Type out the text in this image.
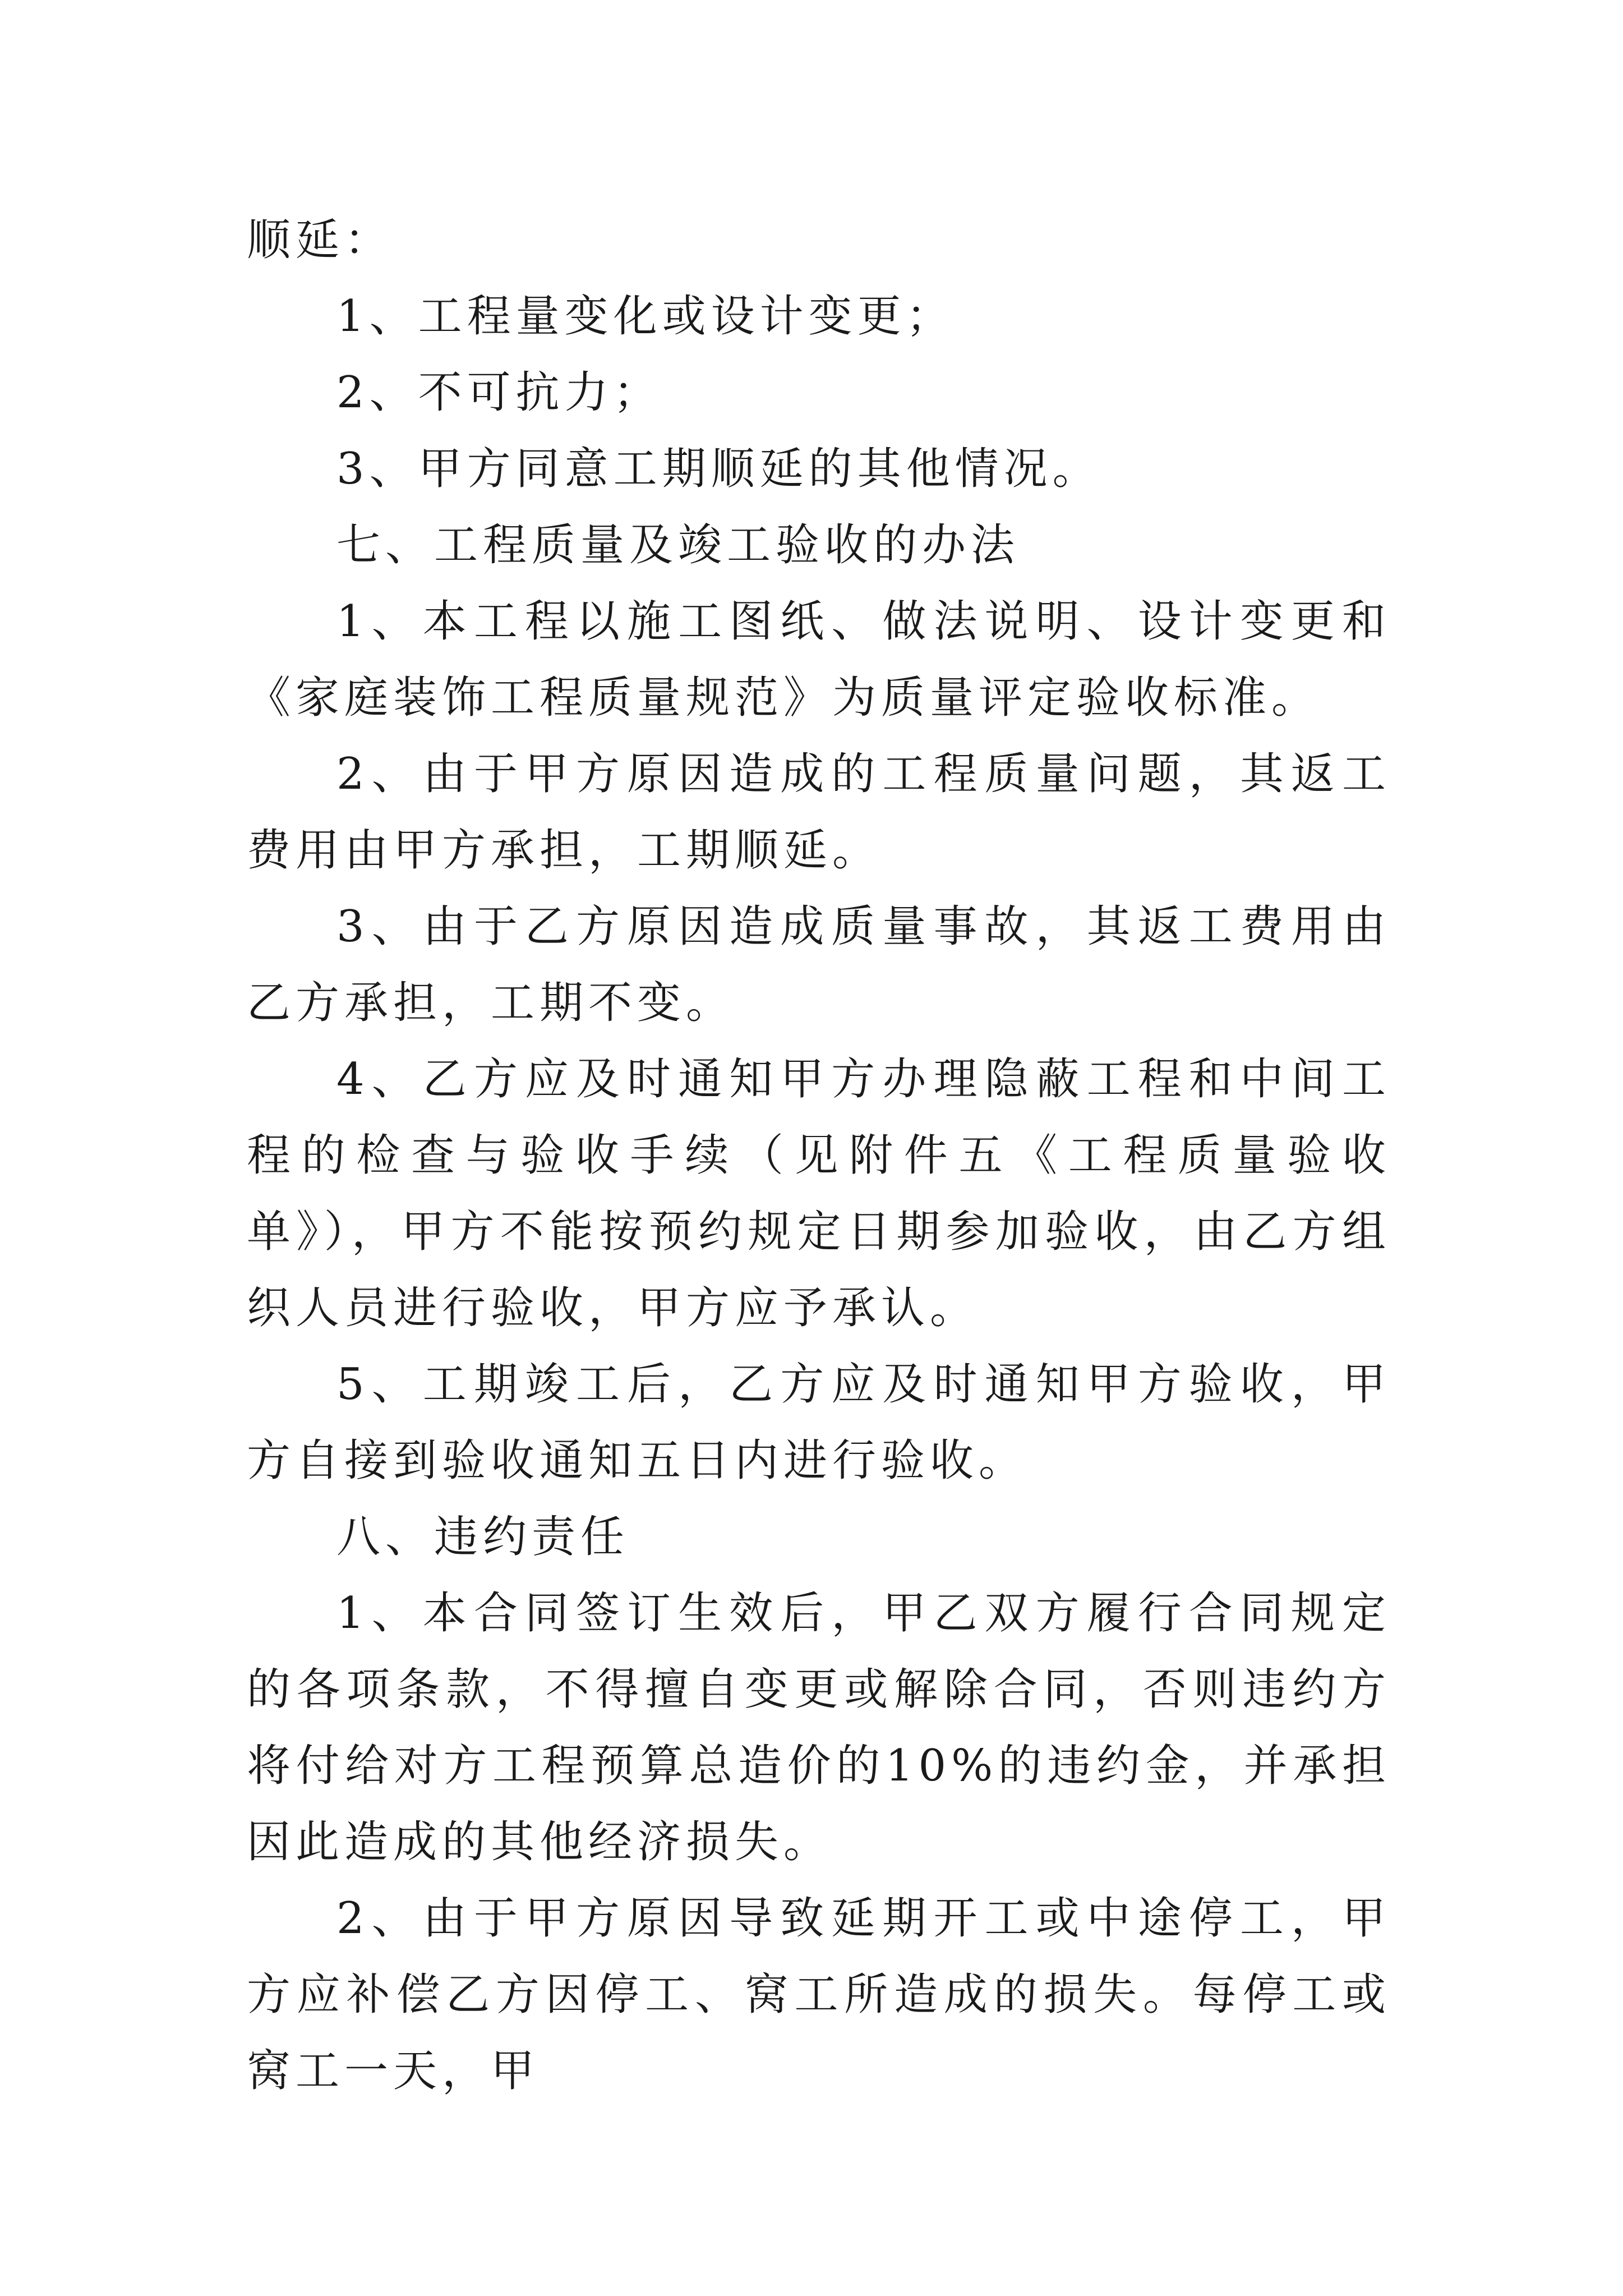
顺延：

1、工程量变化或设计变更；

2、不可抗力；

3、甲方同意工期顺延的其他情况。

七、工程质量及竣工验收的办法

1、本工程以施工图纸、做法说明、设计变更和《家庭装饰工程质量规范》为质量评定验收标准。

2、由于甲方原因造成的工程质量问题，其返工费用由甲方承担，工期顺延。

3、由于乙方原因造成质量事故，其返工费用由乙方承担，工期不变。

4、乙方应及时通知甲方办理隐蔽工程和中间工程的检查与验收手续（见附件五《工程质量验收单》），甲方不能按预约规定日期参加验收，由乙方组织人员进行验收，甲方应予承认。

5、工期竣工后，乙方应及时通知甲方验收，甲方自接到验收通知五日内进行验收。

八、违约责任

1、本合同签订生效后，甲乙双方履行合同规定的各项条款，不得擅自变更或解除合同，否则违约方将付给对方工程预算总造价的10%的违约金，并承担因此造成的其他经济损失。

2、由于甲方原因导致延期开工或中途停工，甲方应补偿乙方因停工、窝工所造成的损失。每停工或窝工一天，甲
